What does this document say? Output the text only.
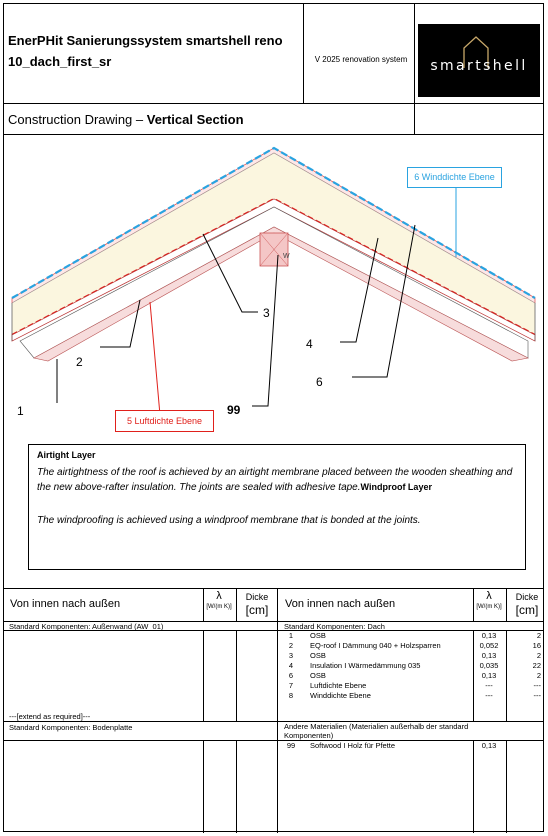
EnerPHit Sanierungssystem smartshell reno
10_dach_first_sr	V 2025 renovation system	smartshell
Construction Drawing – Vertical Section
3
2
4
6
1	99
W
6 Winddichte Ebene
5 Luftdichte Ebene
Airtight Layer
The airtightness of the roof is achieved by an airtight membrane placed between the wooden sheathing and the new above-rafter insulation. The joints are sealed with adhesive tape.Windproof Layer
The windproofing is achieved using a windproof membrane that is bonded at the joints.
Von innen nach außen
λ
[W/(m K)]
Dicke
[cm]	Von innen nach außen
λ
[W/(m K)]
Dicke
[cm]
Standard Komponenten: Außenwand (AW_01)
---[extend as required]---
Standard Komponenten: Bodenplatte
Standard Komponenten: Dach
Andere Materialien (Materialien außerhalb der standard Komponenten)
1	OSB	0,13	2
2	EQ-roof I Dämmung 040 + Holzsparren	0,052	16
3	OSB	0,13	2
4	Insulation I Wärmedämmung 035	0,035	22
6	OSB	0,13	2
7	Luftdichte Ebene	---	---
8	Winddichte Ebene	---	---
99	Softwood I Holz für Pfette	0,13
